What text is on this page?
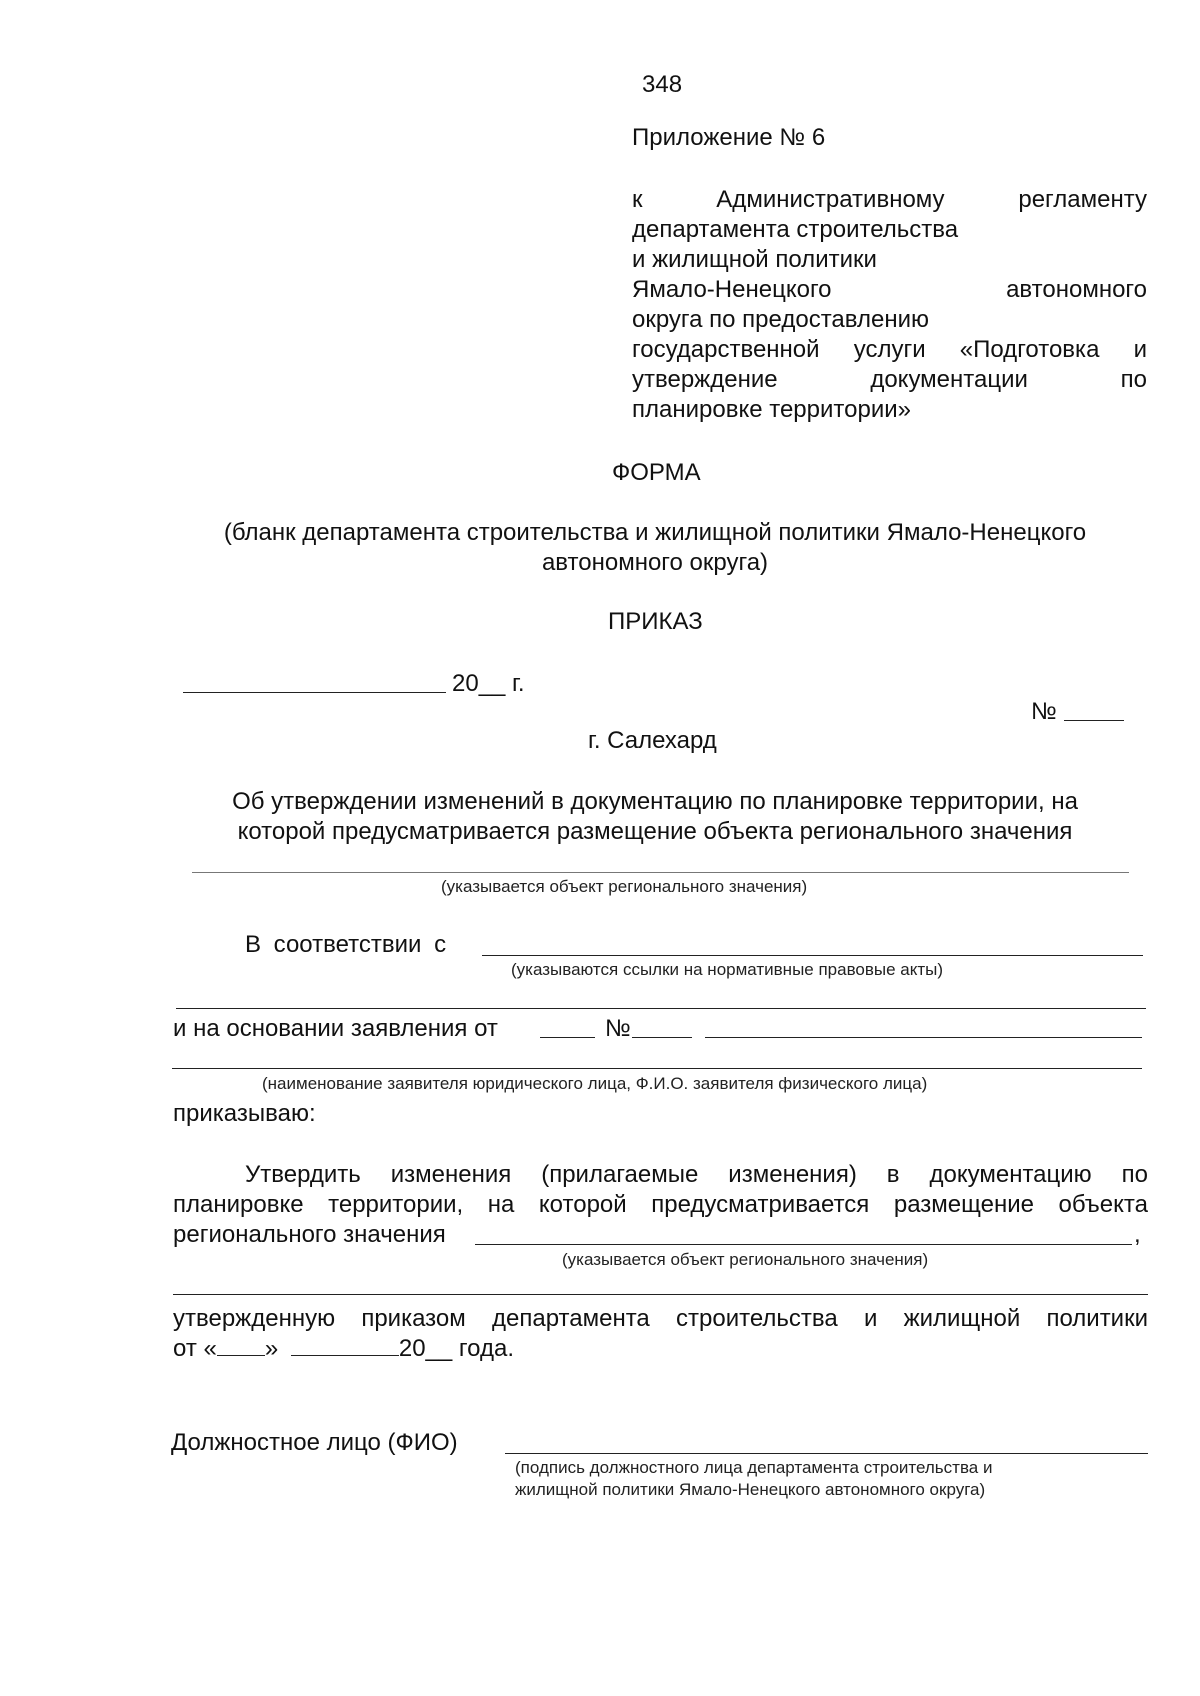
348
Приложение № 6
к Административному регламенту
департамента строительства
и жилищной политики
Ямало-Ненецкого автономного
округа по предоставлению
государственной услуги «Подготовка и
утверждение документации по
планировке территории»
ФОРМА
(бланк департамента строительства и жилищной политики Ямало-Ненецкого
автономного округа)
ПРИКАЗ
20__ г.
№
г. Салехард
Об утверждении изменений в документацию по планировке территории, на
которой предусматривается размещение объекта регионального значения
(указывается объект регионального значения)
В соответствии с
(указываются ссылки на нормативные правовые акты)
и на основании заявления от	№
(наименование заявителя юридического лица, Ф.И.О. заявителя физического лица)
приказываю:
Утвердить изменения (прилагаемые изменения) в документацию по
планировке территории, на которой предусматривается размещение объекта
регионального значения	,
(указывается объект регионального значения)
утвержденную приказом департамента строительства и жилищной политики
от « »	20__ года.
Должностное лицо (ФИО)
(подпись должностного лица департамента строительства и
жилищной политики Ямало-Ненецкого автономного округа)
